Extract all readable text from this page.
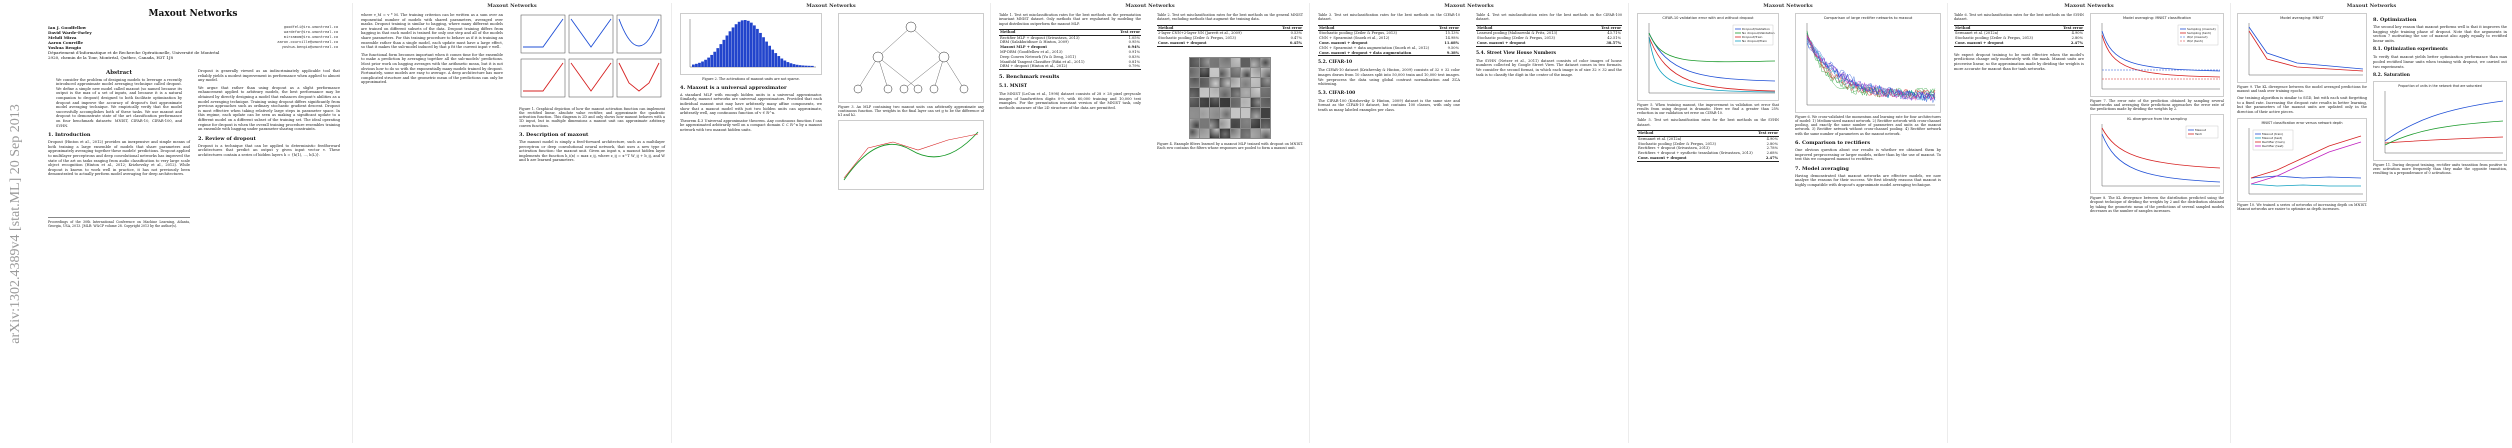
arXiv:1302.4389v4 [stat.ML] 20 Sep 2013
Maxout Networks
Ian J. Goodfellow	goodfeli@iro.umontreal.ca
David Warde-Farley	wardefar@iro.umontreal.ca
Mehdi Mirza	mirzamom@iro.umontreal.ca
Aaron Courville	aaron.courville@umontreal.ca
Yoshua Bengio	yoshua.bengio@umontreal.ca
Département d'Informatique et de Recherche Opérationelle, Université de Montréal
2920, chemin de la Tour, Montréal, Québec, Canada, H3T 1J8
Abstract

We consider the problem of designing models to leverage a recently introduced approximate model averaging technique called dropout. We define a simple new model called maxout (so named because its output is the max of a set of inputs, and because it is a natural companion to dropout) designed to both facilitate optimization by dropout and improve the accuracy of dropout's fast approximate model averaging technique. We empirically verify that the model successfully accomplishes both of these tasks. We use maxout and dropout to demonstrate state of the art classification performance on four benchmark datasets: MNIST, CIFAR-10, CIFAR-100, and SVHN.

1. Introduction

Dropout (Hinton et al., 2012) provides an inexpensive and simple means of both training a large ensemble of models that share parameters and approximately averaging together these models' predictions. Dropout applied to multilayer perceptrons and deep convolutional networks has improved the state of the art on tasks ranging from audio classification to very large scale object recognition (Hinton et al., 2012; Krizhevsky et al., 2012). While dropout is known to work well in practice, it has not previously been demonstrated to actually perform model averaging for deep architectures.

Proceedings of the 30th International Conference on Machine Learning, Atlanta, Georgia, USA, 2013. JMLR: W&CP volume 28. Copyright 2013 by the author(s).

Dropout is generally viewed as an indiscriminately applicable tool that reliably yields a modest improvement in performance when applied to almost any model.

We argue that rather than using dropout as a slight performance enhancement applied to arbitrary models, the best performance may be obtained by directly designing a model that enhances dropout's abilities as a model averaging technique. Training using dropout differs significantly from previous approaches such as ordinary stochastic gradient descent. Dropout is most effective when taking relatively large steps in parameter space. In this regime, each update can be seen as making a significant update to a different model on a different subset of the training set. The ideal operating regime for dropout is when the overall training procedure resembles training an ensemble with bagging under parameter sharing constraints.

2. Review of dropout

Dropout is a technique that can be applied to deterministic feedforward architectures that predict an output y given input vector v. These architectures contain a series of hidden layers h = {h(1), ..., h(L)}.

Maxout Networks

where v_M = v * M. The training criterion can be written as a sum over an exponential number of models with shared parameters, averaged over masks. Dropout training is similar to bagging, where many different models are trained on different subsets of the data. Dropout training differs from bagging in that each model is trained for only one step and all of the models share parameters. For this training procedure to behave as if it is training an ensemble rather than a single model, each update must have a large effect, so that it makes the sub-model induced by that μ fit the current input v well.

The functional form becomes important when it comes time for the ensemble to make a prediction by averaging together all the sub-models' predictions. Most prior work on bagging averages with the arithmetic mean, but it is not obvious how to do so with the exponentially many models trained by dropout. Fortunately, some models are easy to average. A deep architecture has more complicated structure and the geometric mean of the predictions can only be approximated.

Figure 1. Graphical depiction of how the maxout activation function can implement the rectified linear, absolute value rectifier, and approximate the quadratic activation function. This diagram is 2D and only shows how maxout behaves with a 1D input, but in multiple dimensions a maxout unit can approximate arbitrary convex functions.

3. Description of maxout

The maxout model is simply a feed-forward architecture, such as a multilayer perceptron or deep convolutional neural network, that uses a new type of activation function: the maxout unit. Given an input x, a maxout hidden layer implements the function h_i(x) = max z_ij, where z_ij = x^T W_ij + b_ij, and W and b are learned parameters.

Maxout Networks

Figure 2. The activations of maxout units are not sparse.

4. Maxout is a universal approximator

A standard MLP with enough hidden units is a universal approximator. Similarly, maxout networks are universal approximators. Provided that each individual maxout unit may have arbitrarily many affine components, we show that a maxout model with just two hidden units can approximate, arbitrarily well, any continuous function of v ∈ R^n.

Theorem 4.3 Universal approximator theorem. Any continuous function f can be approximated arbitrarily well on a compact domain C ⊂ R^n by a maxout network with two maxout hidden units.

Figure 3. An MLP containing two maxout units can arbitrarily approximate any continuous function. The weights in the final layer can set g to be the difference of h1 and h2.

Maxout Networks

Table 1. Test set misclassification rates for the best methods on the permutation invariant MNIST dataset. Only methods that are regularized by modeling the input distribution outperform the maxout MLP.

Method	Test error
Rectifier MLP + dropout (Srivastava, 2013)	1.05%
DBM (Salakhutdinov & Hinton, 2009)	0.95%
Maxout MLP + dropout	0.94%
MP-DBM (Goodfellow et al., 2013)	0.91%
Deep Convex Network (Yu & Deng, 2011)	0.83%
Manifold Tangent Classifier (Rifai et al., 2011)	0.81%
DBM + dropout (Hinton et al., 2012)	0.79%
5. Benchmark results
5.1. MNIST

The MNIST (LeCun et al., 1998) dataset consists of 28 × 28 pixel greyscale images of handwritten digits 0-9, with 60,000 training and 10,000 test examples. For the permutation invariant version of the MNIST task, only methods unaware of the 2D structure of the data are permitted.

Table 2. Test set misclassification rates for the best methods on the general MNIST dataset, excluding methods that augment the training data.

Method	Test error
2-layer CNN+2-layer NN (Jarrett et al., 2009)	0.53%
Stochastic pooling (Zeiler & Fergus, 2013)	0.47%
Conv. maxout + dropout	0.45%

Figure 4. Example filters learned by a maxout MLP trained with dropout on MNIST. Each row contains the filters whose responses are pooled to form a maxout unit.

Maxout Networks

Table 3. Test set misclassification rates for the best methods on the CIFAR-10 dataset.

Method	Test error
Stochastic pooling (Zeiler & Fergus, 2013)	15.13%
CNN + Spearmint (Snoek et al., 2012)	14.98%
Conv. maxout + dropout	11.68%
CNN + Spearmint + data augmentation (Snoek et al., 2012)	9.50%
Conv. maxout + dropout + data augmentation	9.38%
5.2. CIFAR-10

The CIFAR-10 dataset (Krizhevsky & Hinton, 2009) consists of 32 × 32 color images drawn from 10 classes split into 50,000 train and 10,000 test images. We preprocess the data using global contrast normalization and ZCA whitening.

5.3. CIFAR-100

The CIFAR-100 (Krizhevsky & Hinton, 2009) dataset is the same size and format as the CIFAR-10 dataset, but contains 100 classes, with only one tenth as many labeled examples per class.

Table 4. Test set misclassification rates for the best methods on the CIFAR-100 dataset.

Method	Test error
Learned pooling (Malinowski & Fritz, 2013)	43.71%
Stochastic pooling (Zeiler & Fergus, 2013)	42.51%
Conv. maxout + dropout	38.57%
5.4. Street View House Numbers

The SVHN (Netzer et al., 2011) dataset consists of color images of house numbers collected by Google Street View. The dataset comes in two formats. We consider the second format, in which each image is of size 32 × 32 and the task is to classify the digit in the center of the image.

Maxout Networks
CIFAR-10 validation error with and without dropout
Dropout/Validation
No dropout/Validation
Dropout/Train
No dropout/Train

Figure 5. When training maxout, the improvement in validation set error that results from using dropout is dramatic. Here we find a greater than 25% reduction in our validation set error on CIFAR-10.

Table 5. Test set misclassification rates for the best methods on the SVHN dataset.

Method	Test error
Sermanet et al. (2012a)	4.90%
Stochastic pooling (Zeiler & Fergus, 2013)	2.80%
Rectifiers + dropout (Srivastava, 2013)	2.78%
Rectifiers + dropout + synthetic translation (Srivastava, 2013)	2.68%
Conv. maxout + dropout	2.47%
Comparison of large rectifier networks to maxout

Figure 6. We cross-validated the momentum and learning rate for four architectures of model: 1) Medium-sized maxout network. 2) Rectifier network with cross-channel pooling, and exactly the same number of parameters and units as the maxout network. 3) Rectifier network without cross-channel pooling. 4) Rectifier network with the same number of parameters as the maxout network.

6. Comparison to rectifiers

One obvious question about our results is whether we obtained them by improved preprocessing or larger models, rather than by the use of maxout. To test this we compared maxout to rectifiers.

7. Model averaging

Having demonstrated that maxout networks are effective models, we now analyze the reasons for their success. We first identify reasons that maxout is highly compatible with dropout's approximate model averaging technique.

Maxout Networks

Table 6. Test set misclassification rates for the best methods on the SVHN dataset.

Method	Test error
Sermanet et al. (2012a)	4.90%
Stochastic pooling (Zeiler & Fergus, 2013)	2.80%
Conv. maxout + dropout	2.47%

We expect dropout training to be most effective when the model's predictions change only moderately with the mask. Maxout units are piecewise linear, so the approximation made by dividing the weights is more accurate for maxout than for tanh networks.

Model averaging: MNIST classification
Sampling (maxout)
Sampling (tanh)
W/2 (maxout)
W/2 (tanh)

Figure 7. The error rate of the prediction obtained by sampling several subnetworks and averaging their predictions approaches the error rate of the predictions made by dividing the weights by 2.

KL divergence from the sampling
Maxout
Tanh

Figure 8. The KL divergence between the distribution predicted using the dropout technique of dividing the weights by 2 and the distribution obtained by taking the geometric mean of the predictions of several sampled models decreases as the number of samples increases.

Maxout Networks
Model averaging: MNIST

Figure 9. The KL divergence between the model averaged predictions for maxout and tanh over training epochs.

Our training algorithm is similar to SGD, but with each unit forgetting to a fixed rate. Increasing the dropout rate results in better learning, but the parameters of the maxout units are updated only in the direction of their active pieces.

MNIST classification error versus network depth
Maxout (train)
Maxout (test)
Rectifier (train)
Rectifier (test)

Figure 10. We trained a series of networks of increasing depth on MNIST. Maxout networks are easier to optimize as depth increases.

8. Optimization

The second key reason that maxout performs well is that it improves the bagging style training phase of dropout. Note that the arguments in section 7 motivating the use of maxout also apply equally to rectified linear units.

8.1. Optimization experiments

To verify that maxout yields better optimization performance than max pooled rectified linear units when training with dropout, we carried out two experiments.

8.2. Saturation
Proportion of units in the network that are saturated

Figure 11. During dropout training, rectifier units transition from positive to zero activation more frequently than they make the opposite transition, resulting in a preponderance of 0 activations.
